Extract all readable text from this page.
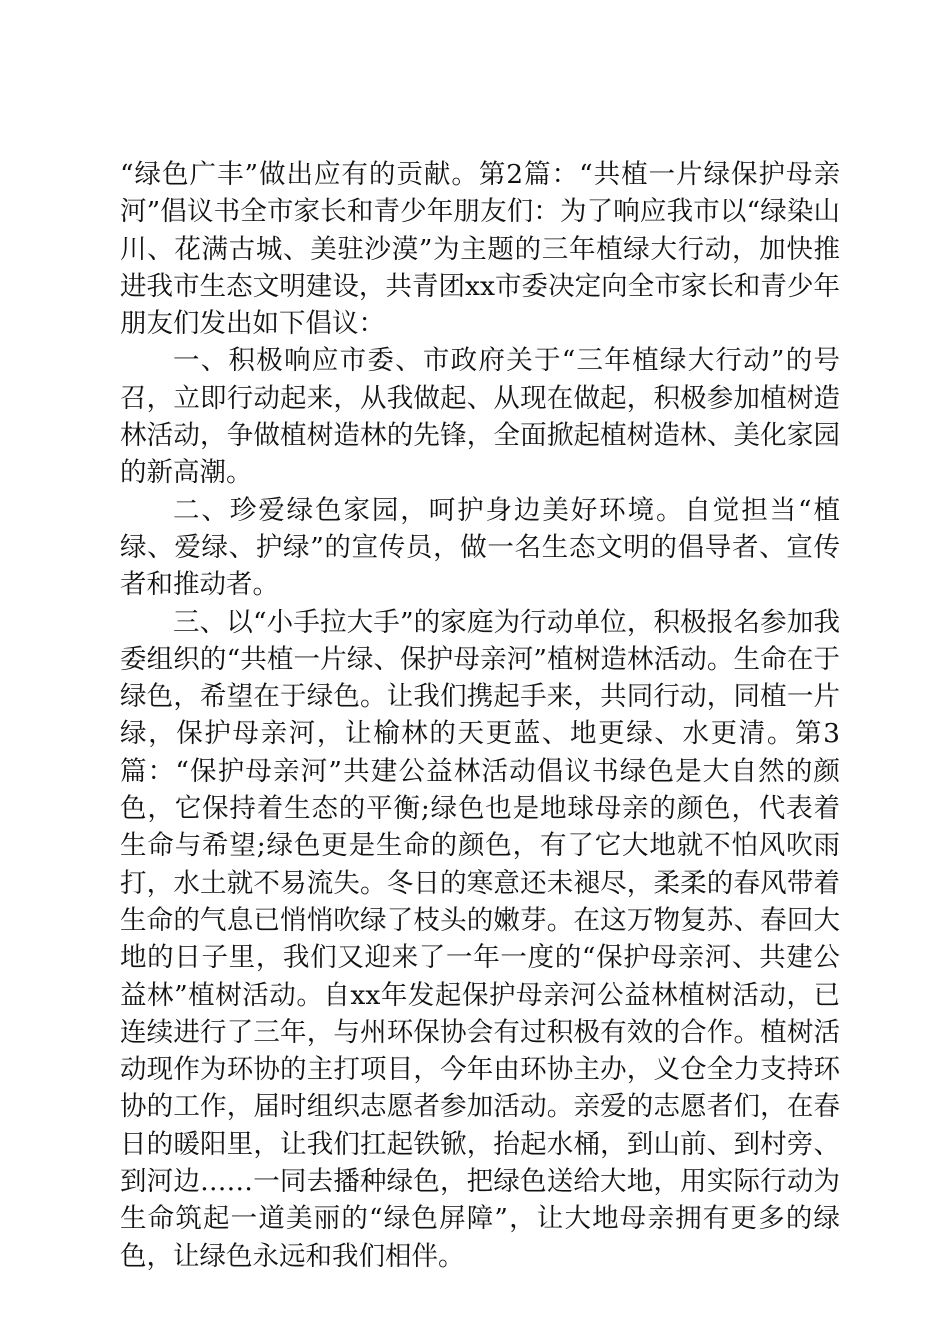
“绿色广丰”做出应有的贡献。第2篇：“共植一片绿保护母亲河”倡议书全市家长和青少年朋友们：为了响应我市以“绿染山川、花满古城、美驻沙漠”为主题的三年植绿大行动，加快推进我市生态文明建设，共青团xx市委决定向全市家长和青少年朋友们发出如下倡议：

一、积极响应市委、市政府关于“三年植绿大行动”的号召，立即行动起来，从我做起、从现在做起，积极参加植树造林活动，争做植树造林的先锋，全面掀起植树造林、美化家园的新高潮。

二、珍爱绿色家园，呵护身边美好环境。自觉担当“植绿、爱绿、护绿”的宣传员，做一名生态文明的倡导者、宣传者和推动者。

三、以“小手拉大手”的家庭为行动单位，积极报名参加我委组织的“共植一片绿、保护母亲河”植树造林活动。生命在于绿色，希望在于绿色。让我们携起手来，共同行动，同植一片绿，保护母亲河，让榆林的天更蓝、地更绿、水更清。第3篇：“保护母亲河”共建公益林活动倡议书绿色是大自然的颜色，它保持着生态的平衡;绿色也是地球母亲的颜色，代表着生命与希望;绿色更是生命的颜色，有了它大地就不怕风吹雨打，水土就不易流失。冬日的寒意还未褪尽，柔柔的春风带着生命的气息已悄悄吹绿了枝头的嫩芽。在这万物复苏、春回大地的日子里，我们又迎来了一年一度的“保护母亲河、共建公益林”植树活动。自xx年发起保护母亲河公益林植树活动，已连续进行了三年，与州环保协会有过积极有效的合作。植树活动现作为环协的主打项目，今年由环协主办，义仓全力支持环协的工作，届时组织志愿者参加活动。亲爱的志愿者们，在春日的暖阳里，让我们扛起铁锨，抬起水桶，到山前、到村旁、到河边……一同去播种绿色，把绿色送给大地，用实际行动为生命筑起一道美丽的“绿色屏障”，让大地母亲拥有更多的绿色，让绿色永远和我们相伴。
